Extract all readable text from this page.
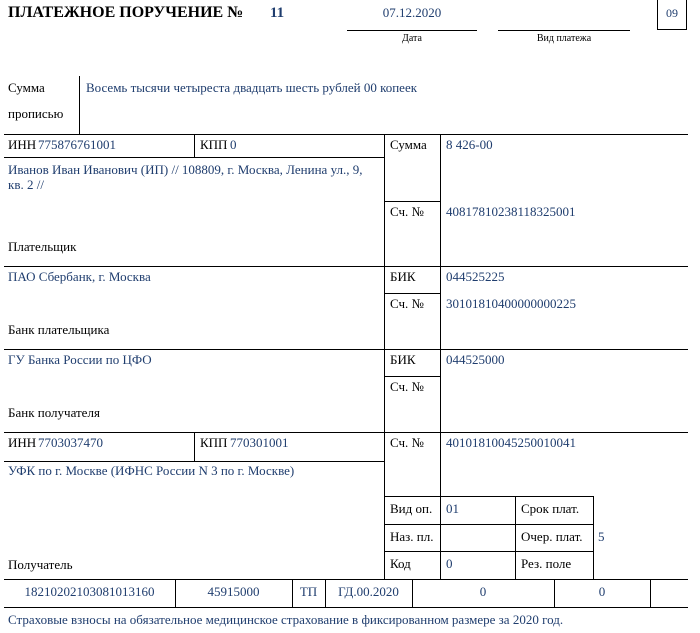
ПЛАТЕЖНОЕ ПОРУЧЕНИЕ № 11	07.12.2020
Дата	Вид платежа
09
Сумма
прописью
Восемь тысячи четыреста двадцать шесть рублей 00 копеек
ИНН 775876761001	КПП 0
Иванов Иван Иванович (ИП) // 108809, г. Москва, Ленина ул., 9, кв. 2 //
Плательщик
Сумма 8 426-00
Сч. № 40817810238118325001
ПАО Сбербанк, г. Москва
Банк плательщика
БИК 044525225
Сч. № 30101810400000000225
ГУ Банка России по ЦФО
Банк получателя
БИК 044525000
Сч. №
ИНН 7703037470	КПП 770301001	Сч. № 40101810045250010041
УФК по г. Москве (ИФНС России N 3 по г. Москве)
Получатель
Вид оп. 01	Срок плат.
Наз. пл.	Очер. плат. 5
Код	0	Рез. поле
18210202103081013160	45915000	ТП	ГД.00.2020	0	0
Страховые взносы на обязательное медицинское страхование в фиксированном размере за 2020 год.
